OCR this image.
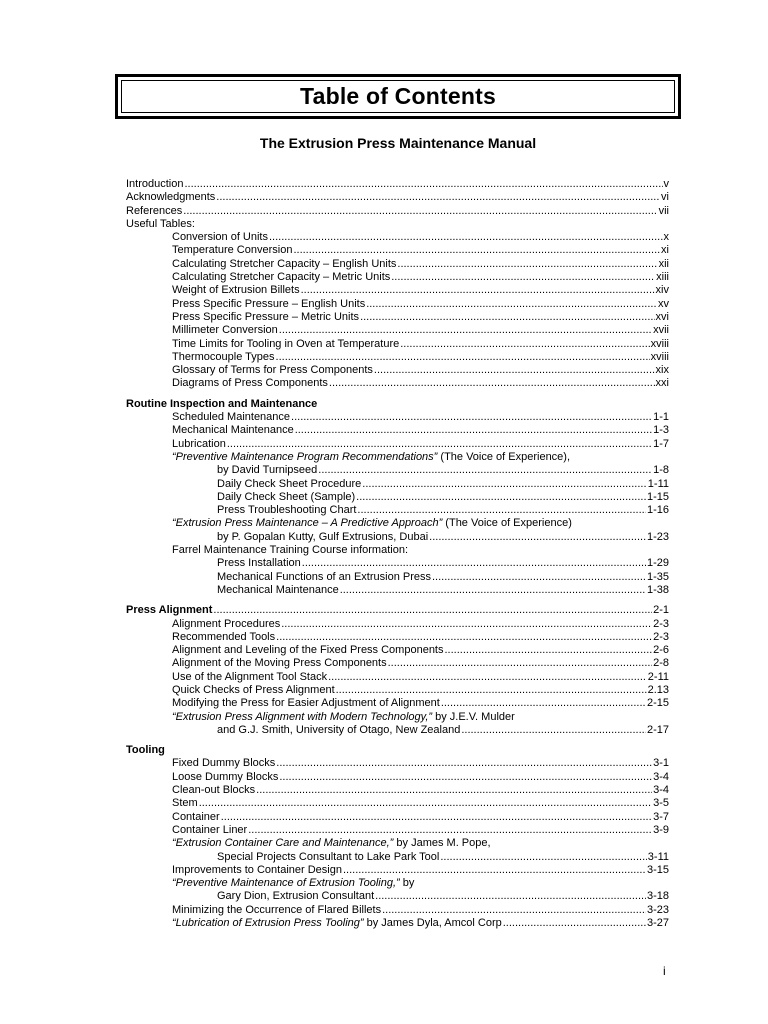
Table of Contents
The Extrusion Press Maintenance Manual
Introduction .....	v
Acknowledgments .....	vi
References .....	vii
Useful Tables:
Conversion of Units .....	x
Temperature Conversion .....	xi
Calculating Stretcher Capacity – English Units .....	xii
Calculating Stretcher Capacity – Metric Units .....	xiii
Weight of Extrusion Billets .....	xiv
Press Specific Pressure – English Units .....	xv
Press Specific Pressure – Metric Units .....	xvi
Millimeter Conversion .....	xvii
Time Limits for Tooling in Oven at Temperature .....	xviii
Thermocouple Types .....	xviii
Glossary of Terms for Press Components .....	xix
Diagrams of Press Components .....	xxi
Routine Inspection and Maintenance
Scheduled Maintenance .....	1-1
Mechanical Maintenance .....	1-3
Lubrication .....	1-7
“Preventive Maintenance Program Recommendations” (The Voice of Experience),
by David Turnipseed .....	1-8
Daily Check Sheet Procedure .....	1-11
Daily Check Sheet (Sample) .....	1-15
Press Troubleshooting Chart .....	1-16
“Extrusion Press Maintenance – A Predictive Approach” (The Voice of Experience)
by P. Gopalan Kutty, Gulf Extrusions, Dubai .....	1-23
Farrel Maintenance Training Course information:
Press Installation .....	1-29
Mechanical Functions of an Extrusion Press .....	1-35
Mechanical Maintenance .....	1-38
Press Alignment .....	2-1
Alignment Procedures .....	2-3
Recommended Tools .....	2-3
Alignment and Leveling of the Fixed Press Components .....	2-6
Alignment of the Moving Press Components .....	2-8
Use of the Alignment Tool Stack .....	2-11
Quick Checks of Press Alignment .....	2.13
Modifying the Press for Easier Adjustment of Alignment .....	2-15
“Extrusion Press Alignment with Modern Technology,” by J.E.V. Mulder
and G.J. Smith, University of Otago, New Zealand .....	2-17
Tooling
Fixed Dummy Blocks .....	3-1
Loose Dummy Blocks .....	3-4
Clean-out Blocks .....	3-4
Stem .....	3-5
Container .....	3-7
Container Liner .....	3-9
“Extrusion Container Care and Maintenance,” by James M. Pope,
Special Projects Consultant to Lake Park Tool .....	3-11
Improvements to Container Design .....	3-15
“Preventive Maintenance of Extrusion Tooling,” by
Gary Dion, Extrusion Consultant .....	3-18
Minimizing the Occurrence of Flared Billets .....	3-23
“Lubrication of Extrusion Press Tooling” by James Dyla, Amcol Corp .....	3-27
i
